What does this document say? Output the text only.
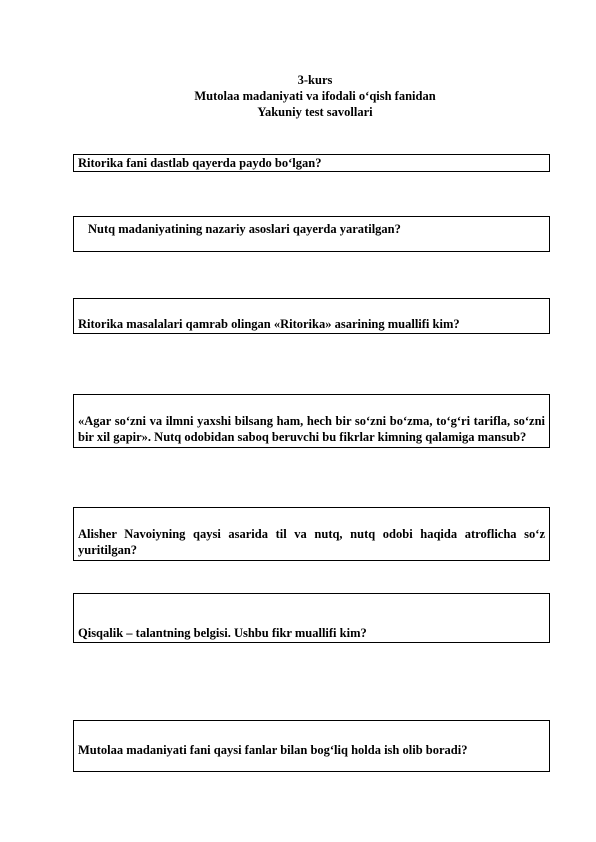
3-kurs
Mutolaa madaniyati va ifodali o‘qish fanidan
Yakuniy test savollari
Ritorika fani dastlab qayerda paydo bo‘lgan?
Nutq madaniyatining nazariy asoslari qayerda yaratilgan?
Ritorika masalalari qamrab olingan «Ritorika» asarining muallifi kim?
«Agar so‘zni va ilmni yaxshi bilsang ham, hech bir so‘zni bo‘zma, to‘g‘ri tarifla, so‘zni bir xil gapir». Nutq odobidan saboq beruvchi bu fikrlar kimning qalamiga mansub?
Alisher Navoiyning qaysi asarida til va nutq, nutq odobi haqida atroflicha so‘z yuritilgan?
Qisqalik – talantning belgisi. Ushbu fikr muallifi kim?
Mutolaa madaniyati fani qaysi fanlar bilan bog‘liq holda ish olib boradi?
